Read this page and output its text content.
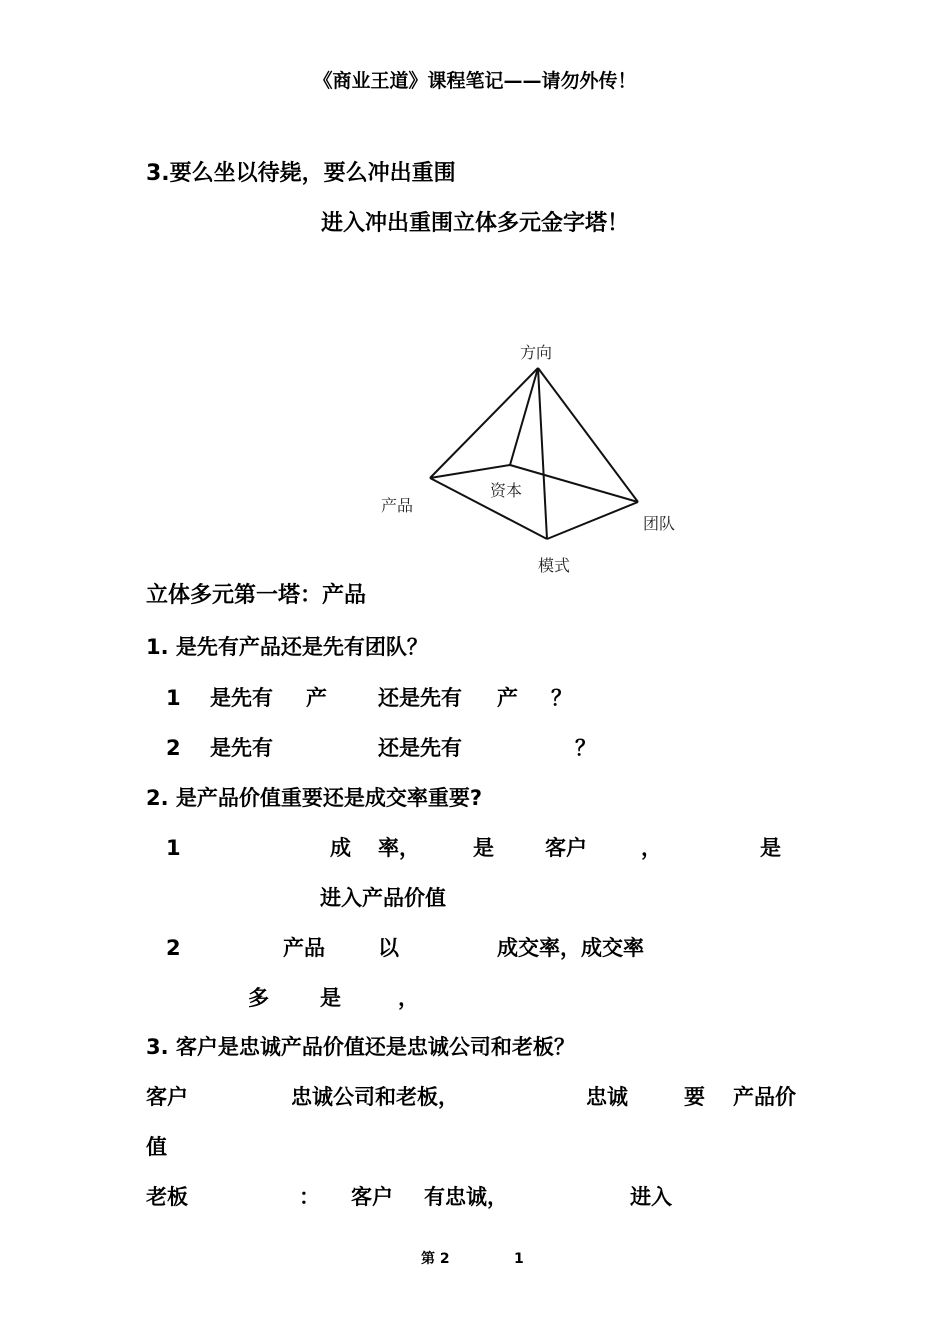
《商业王道》课程笔记——请勿外传！
3.要么坐以待毙，要么冲出重围
进入冲出重围立体多元金字塔！
方向
产品
资本
团队
模式
立体多元第一塔：产品
1. 是先有产品还是先有团队？
1 是先有 产 还是先有 产 ？
2 是先有	还是先有	？
2. 是产品价值重要还是成交率重要?
1	成 率，	是 客户	，	是
进入产品价值
2	产品	以	成交率，成交率
多 是	，
3. 客户是忠诚产品价值还是忠诚公司和老板？
客户	忠诚公司和老板，	忠诚	要 产品价
值
老板	： 客户 有忠诚，	进入
第 2	1
